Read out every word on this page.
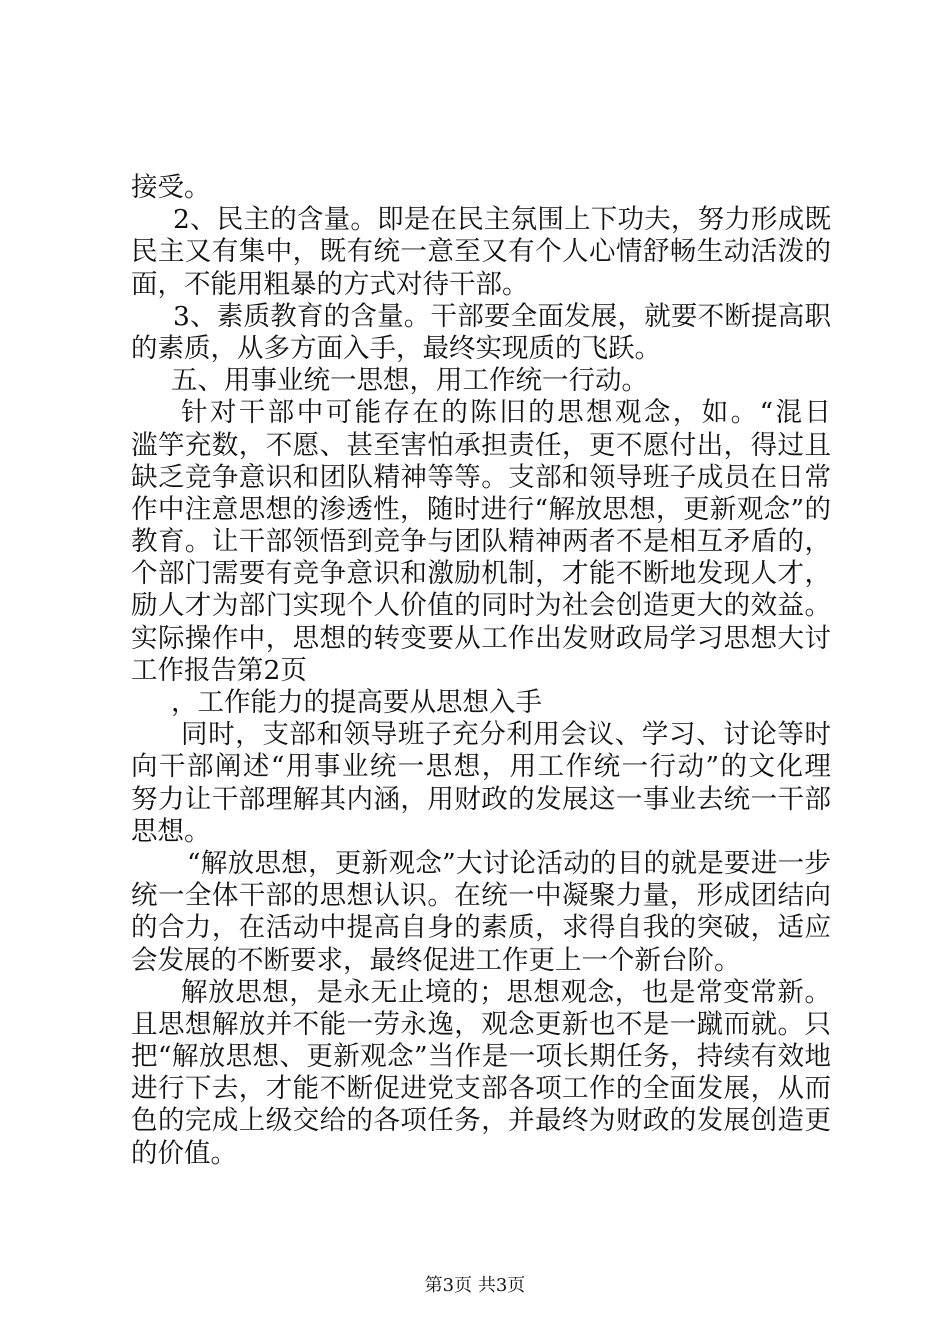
接受。
2、民主的含量。即是在民主氛围上下功夫，努力形成既
民主又有集中，既有统一意至又有个人心情舒畅生动活泼的
面，不能用粗暴的方式对待干部。
3、素质教育的含量。干部要全面发展，就要不断提高职
的素质，从多方面入手，最终实现质的飞跃。
五、用事业统一思想，用工作统一行动。
针对干部中可能存在的陈旧的思想观念，如。“混日
滥竽充数，不愿、甚至害怕承担责任，更不愿付出，得过且
缺乏竞争意识和团队精神等等。支部和领导班子成员在日常
作中注意思想的渗透性，随时进行“解放思想，更新观念”的
教育。让干部领悟到竞争与团队精神两者不是相互矛盾的，
个部门需要有竞争意识和激励机制，才能不断地发现人才，
励人才为部门实现个人价值的同时为社会创造更大的效益。
实际操作中，思想的转变要从工作出发财政局学习思想大讨
工作报告第2页
，工作能力的提高要从思想入手
同时，支部和领导班子充分利用会议、学习、讨论等时
向干部阐述“用事业统一思想，用工作统一行动”的文化理
努力让干部理解其内涵，用财政的发展这一事业去统一干部
思想。
“解放思想，更新观念”大讨论活动的目的就是要进一步
统一全体干部的思想认识。在统一中凝聚力量，形成团结向
的合力，在活动中提高自身的素质，求得自我的突破，适应
会发展的不断要求，最终促进工作更上一个新台阶。
解放思想，是永无止境的；思想观念，也是常变常新。
且思想解放并不能一劳永逸，观念更新也不是一蹴而就。只
把“解放思想、更新观念”当作是一项长期任务，持续有效地
进行下去，才能不断促进党支部各项工作的全面发展，从而
色的完成上级交给的各项任务，并最终为财政的发展创造更
的价值。
第3页 共3页
